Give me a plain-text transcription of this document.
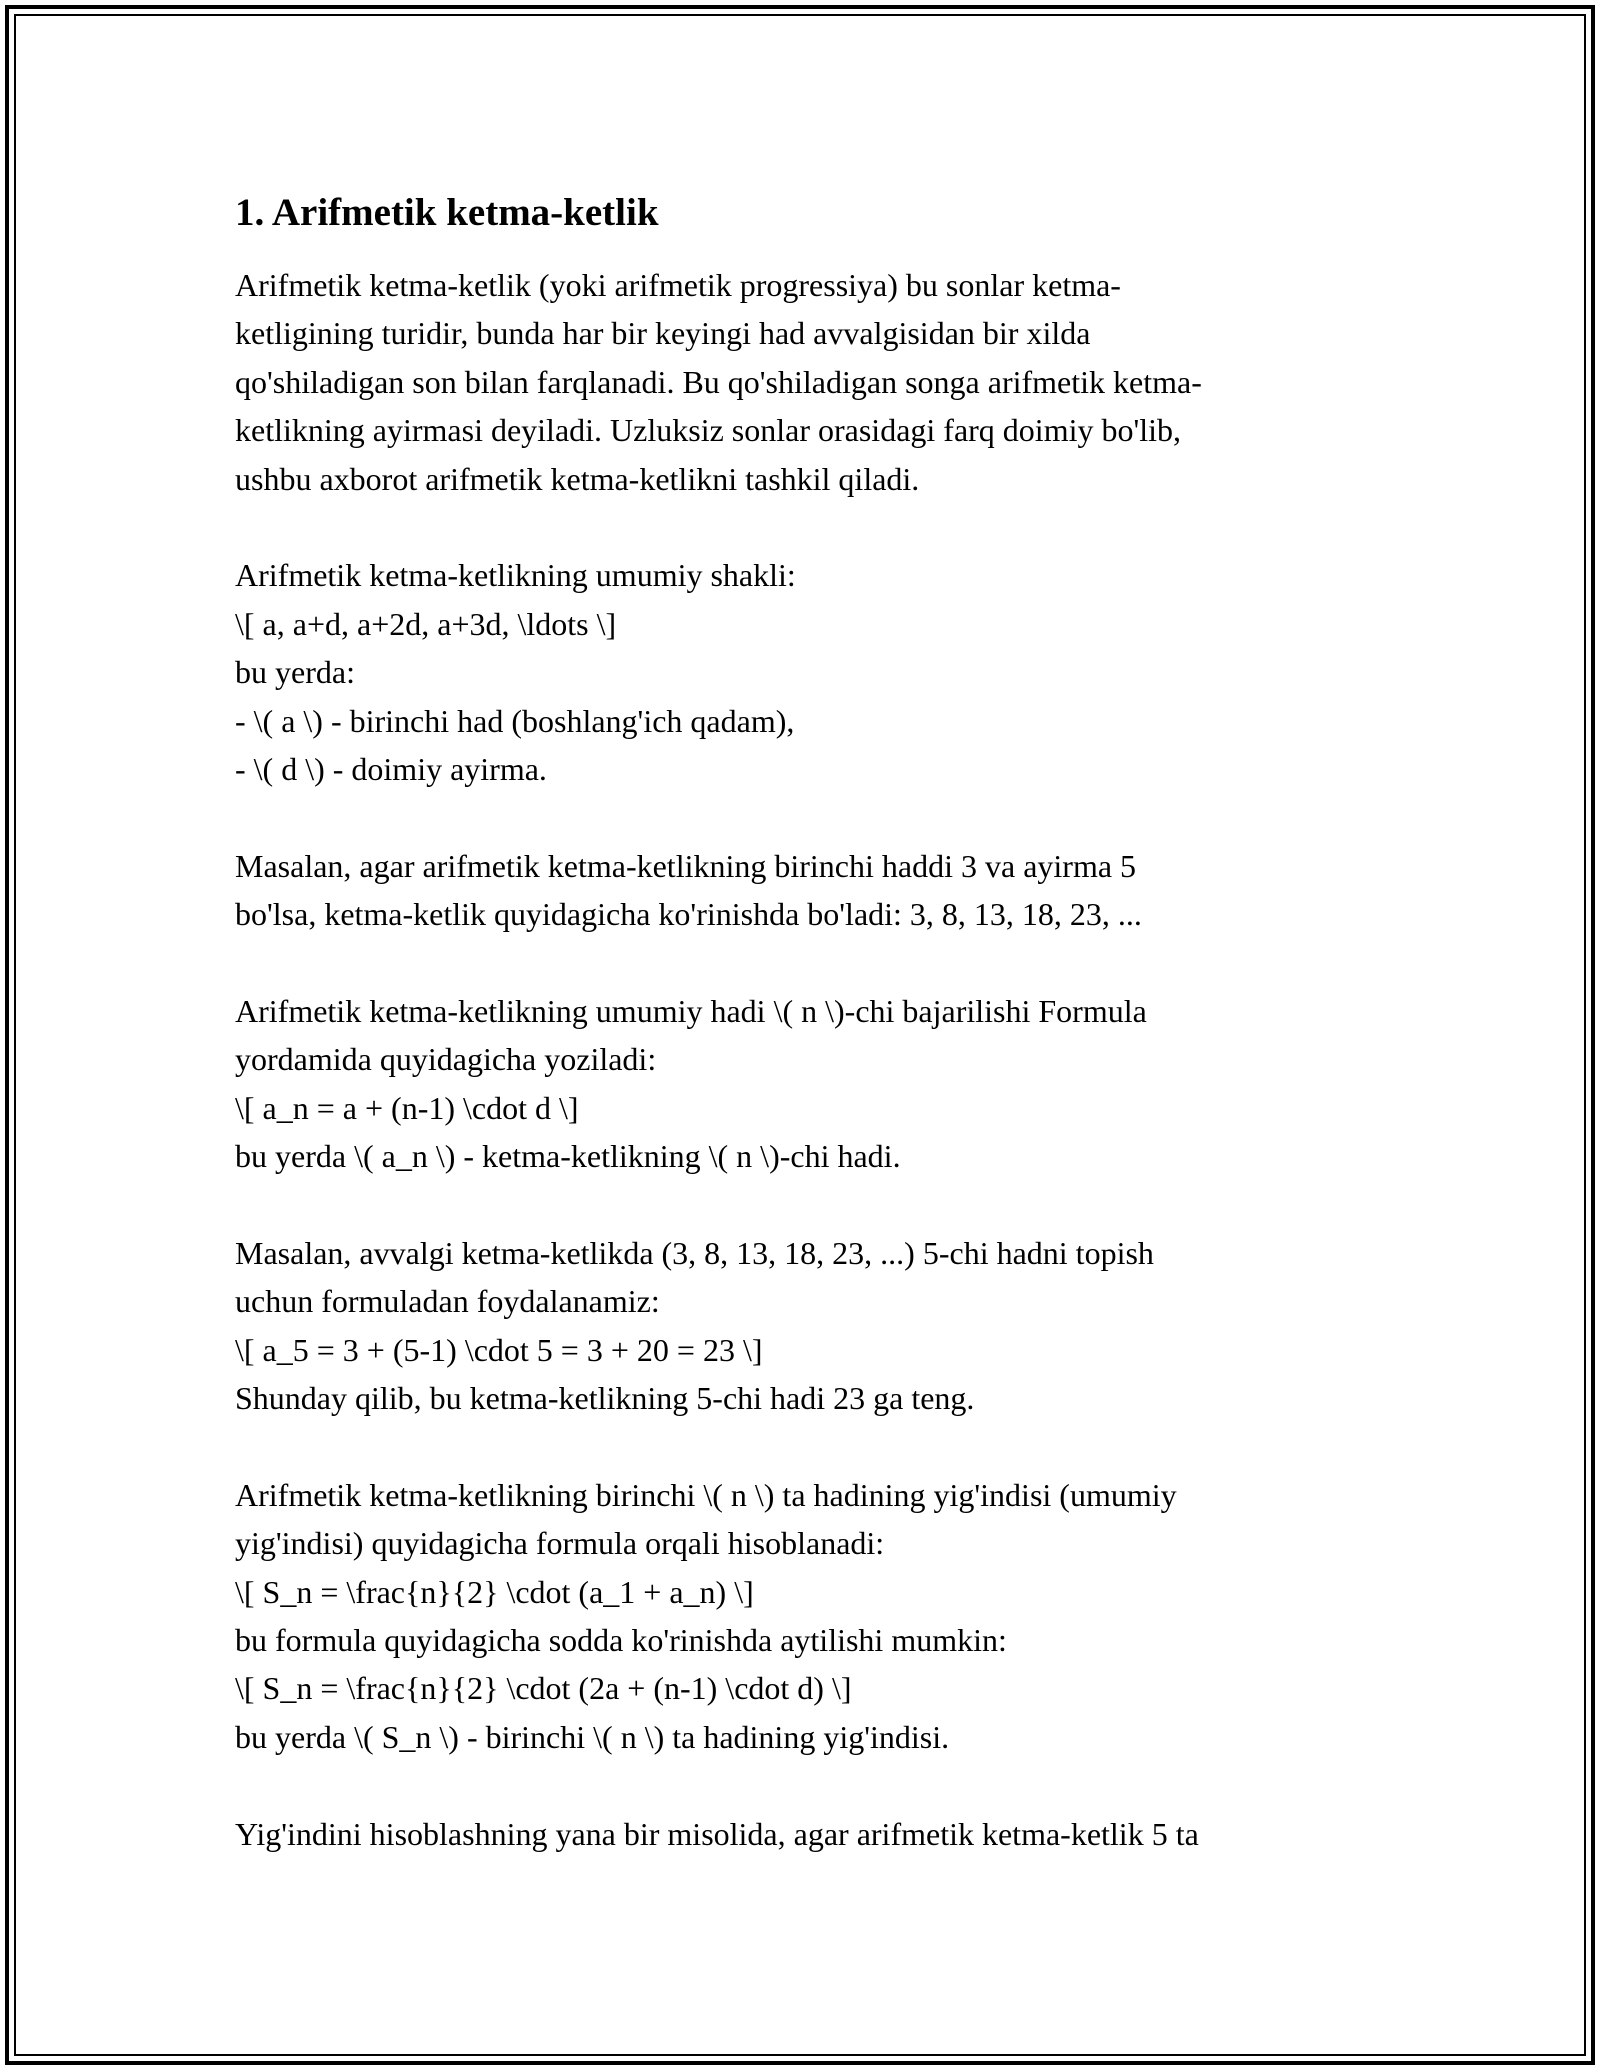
1. Arifmetik ketma-ketlik
Arifmetik ketma-ketlik (yoki arifmetik progressiya) bu sonlar ketma-
ketligining turidir, bunda har bir keyingi had avvalgisidan bir xilda
qo'shiladigan son bilan farqlanadi. Bu qo'shiladigan songa arifmetik ketma-
ketlikning ayirmasi deyiladi. Uzluksiz sonlar orasidagi farq doimiy bo'lib,
ushbu axborot arifmetik ketma-ketlikni tashkil qiladi.
Arifmetik ketma-ketlikning umumiy shakli:
\[ a, a+d, a+2d, a+3d, \ldots \]
bu yerda:
- \( a \) - birinchi had (boshlang'ich qadam),
- \( d \) - doimiy ayirma.
Masalan, agar arifmetik ketma-ketlikning birinchi haddi 3 va ayirma 5
bo'lsa, ketma-ketlik quyidagicha ko'rinishda bo'ladi: 3, 8, 13, 18, 23, ...
Arifmetik ketma-ketlikning umumiy hadi \( n \)-chi bajarilishi Formula
yordamida quyidagicha yoziladi:
\[ a_n = a + (n-1) \cdot d \]
bu yerda \( a_n \) - ketma-ketlikning \( n \)-chi hadi.
Masalan, avvalgi ketma-ketlikda (3, 8, 13, 18, 23, ...) 5-chi hadni topish
uchun formuladan foydalanamiz:
\[ a_5 = 3 + (5-1) \cdot 5 = 3 + 20 = 23 \]
Shunday qilib, bu ketma-ketlikning 5-chi hadi 23 ga teng.
Arifmetik ketma-ketlikning birinchi \( n \) ta hadining yig'indisi (umumiy
yig'indisi) quyidagicha formula orqali hisoblanadi:
\[ S_n = \frac{n}{2} \cdot (a_1 + a_n) \]
bu formula quyidagicha sodda ko'rinishda aytilishi mumkin:
\[ S_n = \frac{n}{2} \cdot (2a + (n-1) \cdot d) \]
bu yerda \( S_n \) - birinchi \( n \) ta hadining yig'indisi.
Yig'indini hisoblashning yana bir misolida, agar arifmetik ketma-ketlik 5 ta
